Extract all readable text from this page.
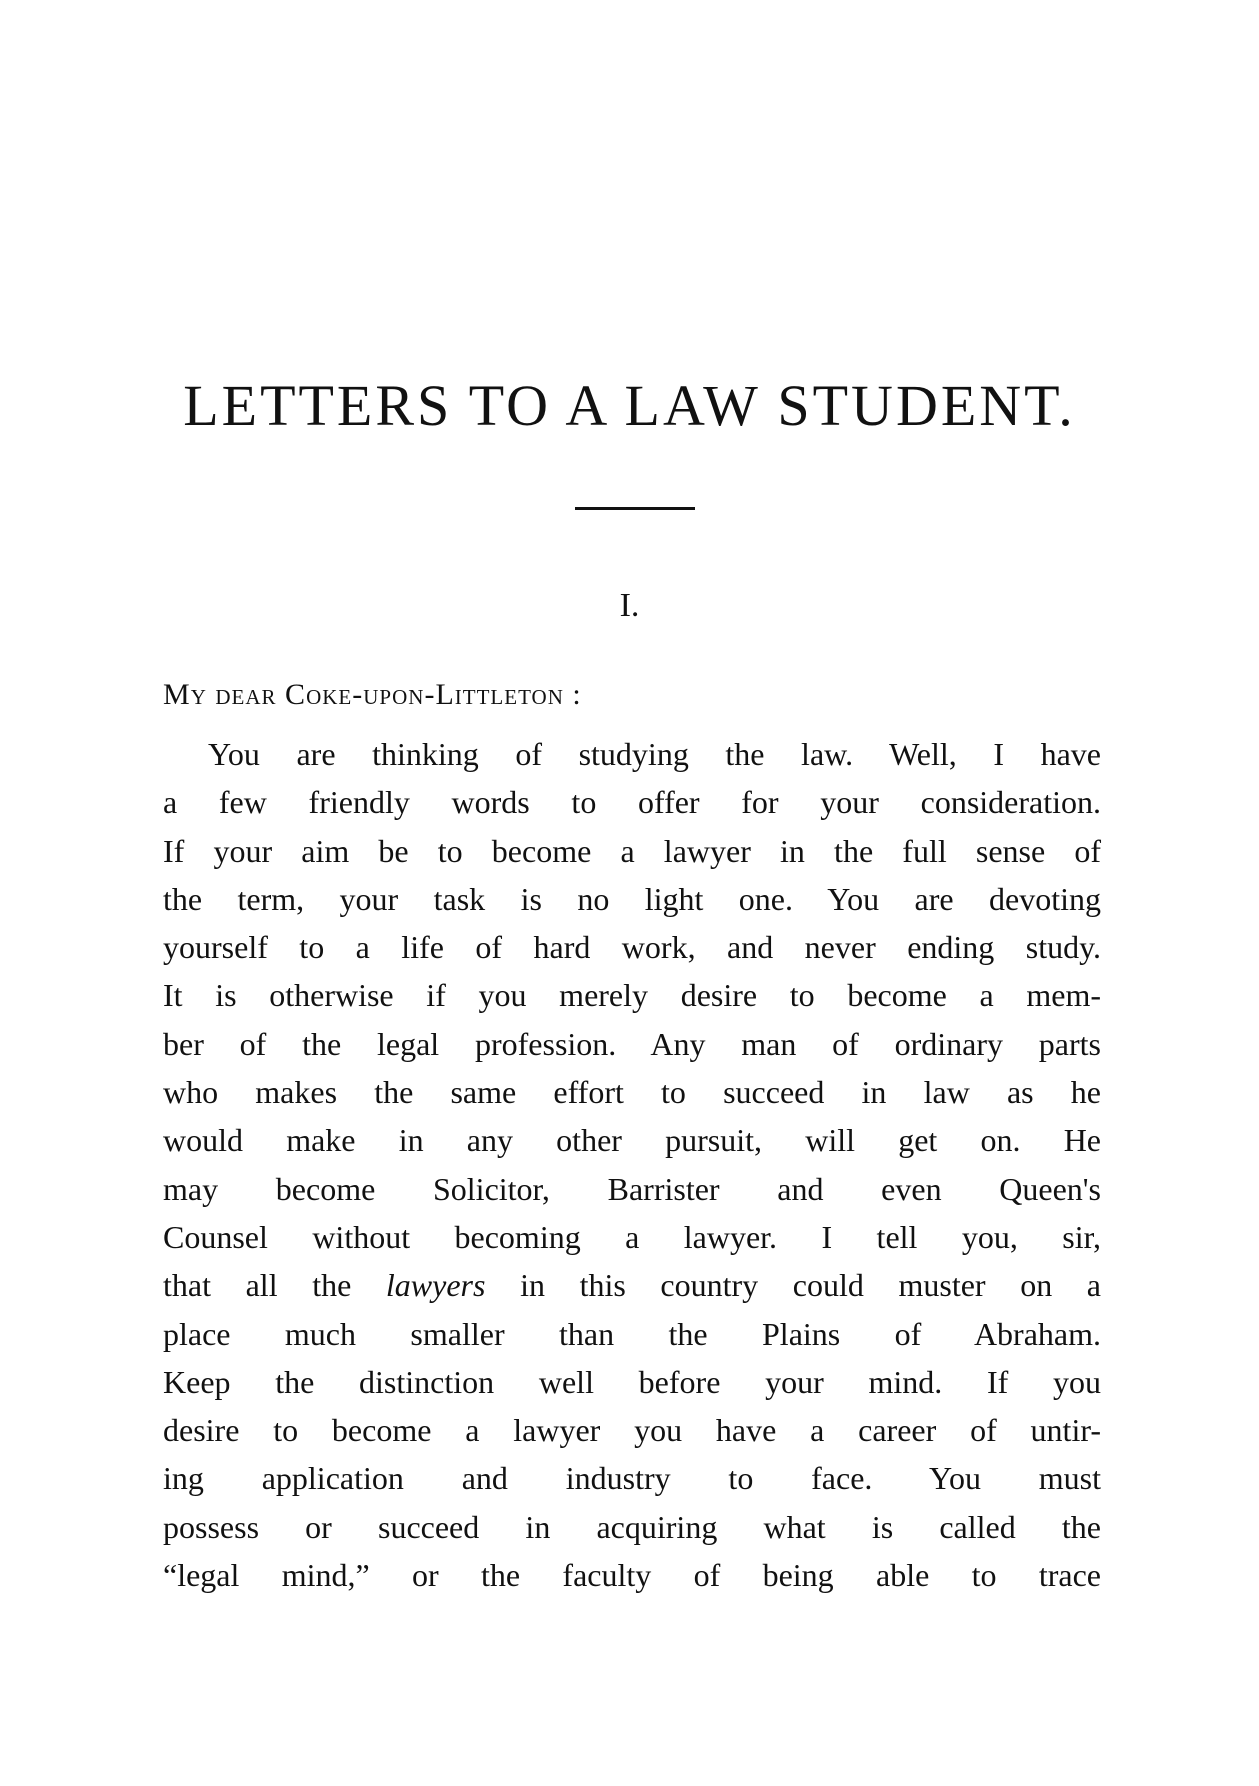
LETTERS TO A LAW STUDENT.
I.
MY DEAR COKE-UPON-LITTLETON :
You are thinking of studying the law. Well, I have
a few friendly words to offer for your consideration.
If your aim be to become a lawyer in the full sense of
the term, your task is no light one. You are devoting
yourself to a life of hard work, and never ending study.
It is otherwise if you merely desire to become a mem-
ber of the legal profession. Any man of ordinary parts
who makes the same effort to succeed in law as he
would make in any other pursuit, will get on. He
may become Solicitor, Barrister and even Queen's
Counsel without becoming a lawyer. I tell you, sir,
that all the lawyers in this country could muster on a
place much smaller than the Plains of Abraham.
Keep the distinction well before your mind. If you
desire to become a lawyer you have a career of untir-
ing application and industry to face. You must
possess or succeed in acquiring what is called the
“legal mind,” or the faculty of being able to trace
